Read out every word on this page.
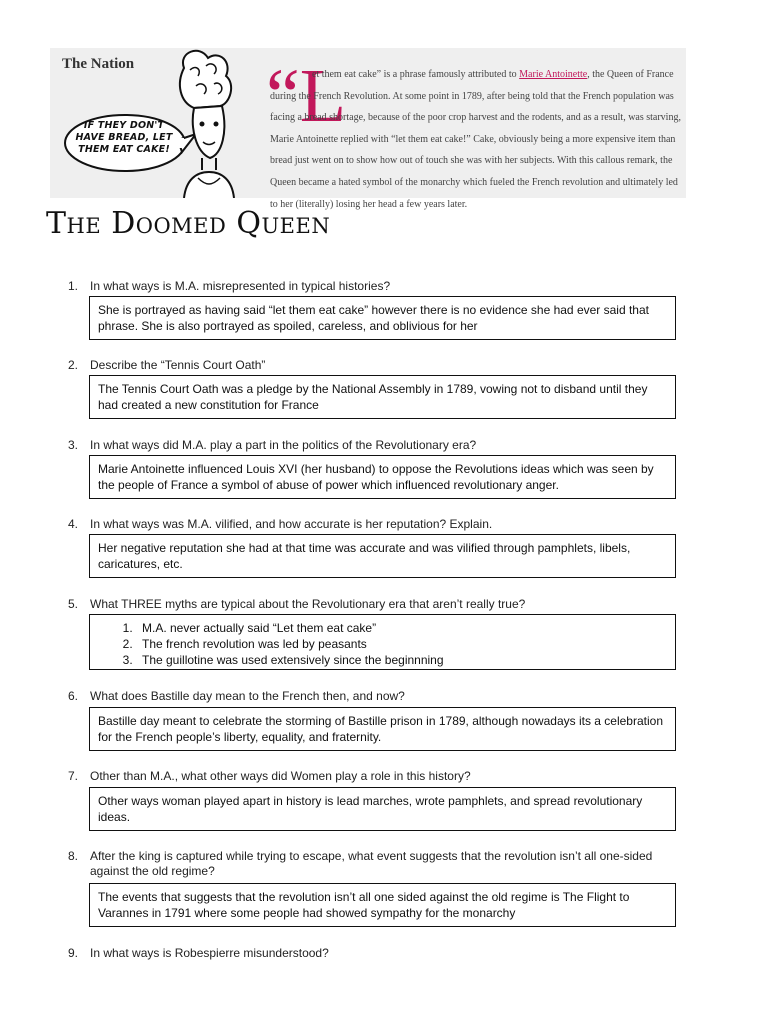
The Nation
IF THEY DON'T HAVE BREAD, LET THEM EAT CAKE!
“L
et them eat cake” is a phrase famously attributed to Marie Antoinette, the Queen of France during the French Revolution. At some point in 1789, after being told that the French population was facing a bread shortage, because of the poor crop harvest and the rodents, and as a result, was starving, Marie Antoinette replied with “let them eat cake!” Cake, obviously being a more expensive item than bread just went on to show how out of touch she was with her subjects. With this callous remark, the Queen became a hated symbol of the monarchy which fueled the French revolution and ultimately led to her (literally) losing her head a few years later.
The Doomed Queen
1. In what ways is M.A. misrepresented in typical histories?
She is portrayed as having said “let them eat cake” however there is no evidence she had ever said that phrase. She is also portrayed as spoiled, careless, and oblivious for her
2. Describe the “Tennis Court Oath”
The Tennis Court Oath was a pledge by the National Assembly in 1789, vowing not to disband until they had created a new constitution for France
3. In what ways did M.A. play a part in the politics of the Revolutionary era?
Marie Antoinette influenced Louis XVI (her husband) to oppose the Revolutions ideas which was seen by the people of France a symbol of abuse of power which influenced revolutionary anger.
4. In what ways was M.A. vilified, and how accurate is her reputation? Explain.
Her negative reputation she had at that time was accurate and was vilified through pamphlets, libels, caricatures, etc.
5. What THREE myths are typical about the Revolutionary era that aren’t really true?
1. M.A. never actually said “Let them eat cake”
2. The french revolution was led by peasants
3. The guillotine was used extensively since the beginnning
6. What does Bastille day mean to the French then, and now?
Bastille day meant to celebrate the storming of Bastille prison in 1789, although nowadays its a celebration for the French people’s liberty, equality, and fraternity.
7. Other than M.A., what other ways did Women play a role in this history?
Other ways woman played apart in history is lead marches, wrote pamphlets, and spread revolutionary ideas.
8. After the king is captured while trying to escape, what event suggests that the revolution isn’t all one-sided against the old regime?
The events that suggests that the revolution isn’t all one sided against the old regime is The Flight to Varannes in 1791 where some people had showed sympathy for the monarchy
9. In what ways is Robespierre misunderstood?
